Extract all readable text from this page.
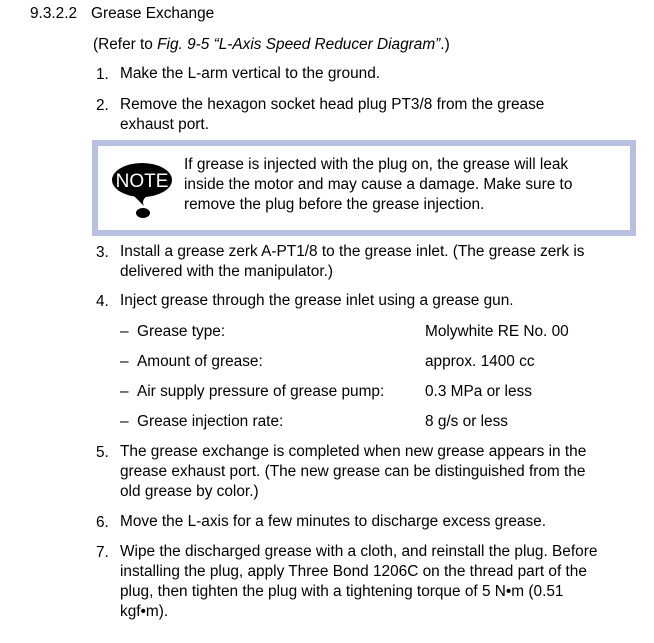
9.3.2.2 Grease Exchange
(Refer to Fig. 9-5 “L-Axis Speed Reducer Diagram”.)
1. Make the L-arm vertical to the ground.
2. Remove the hexagon socket head plug PT3/8 from the grease
exhaust port.
NOTE
If grease is injected with the plug on, the grease will leak
inside the motor and may cause a damage. Make sure to
remove the plug before the grease injection.
3. Install a grease zerk A-PT1/8 to the grease inlet. (The grease zerk is
delivered with the manipulator.)
4. Inject grease through the grease inlet using a grease gun.
– Grease type:	Molywhite RE No. 00
– Amount of grease:	approx. 1400 cc
– Air supply pressure of grease pump:	0.3 MPa or less
– Grease injection rate:	8 g/s or less
5. The grease exchange is completed when new grease appears in the
grease exhaust port. (The new grease can be distinguished from the
old grease by color.)
6. Move the L-axis for a few minutes to discharge excess grease.
7. Wipe the discharged grease with a cloth, and reinstall the plug. Before
installing the plug, apply Three Bond 1206C on the thread part of the
plug, then tighten the plug with a tightening torque of 5 N•m (0.51
kgf•m).
